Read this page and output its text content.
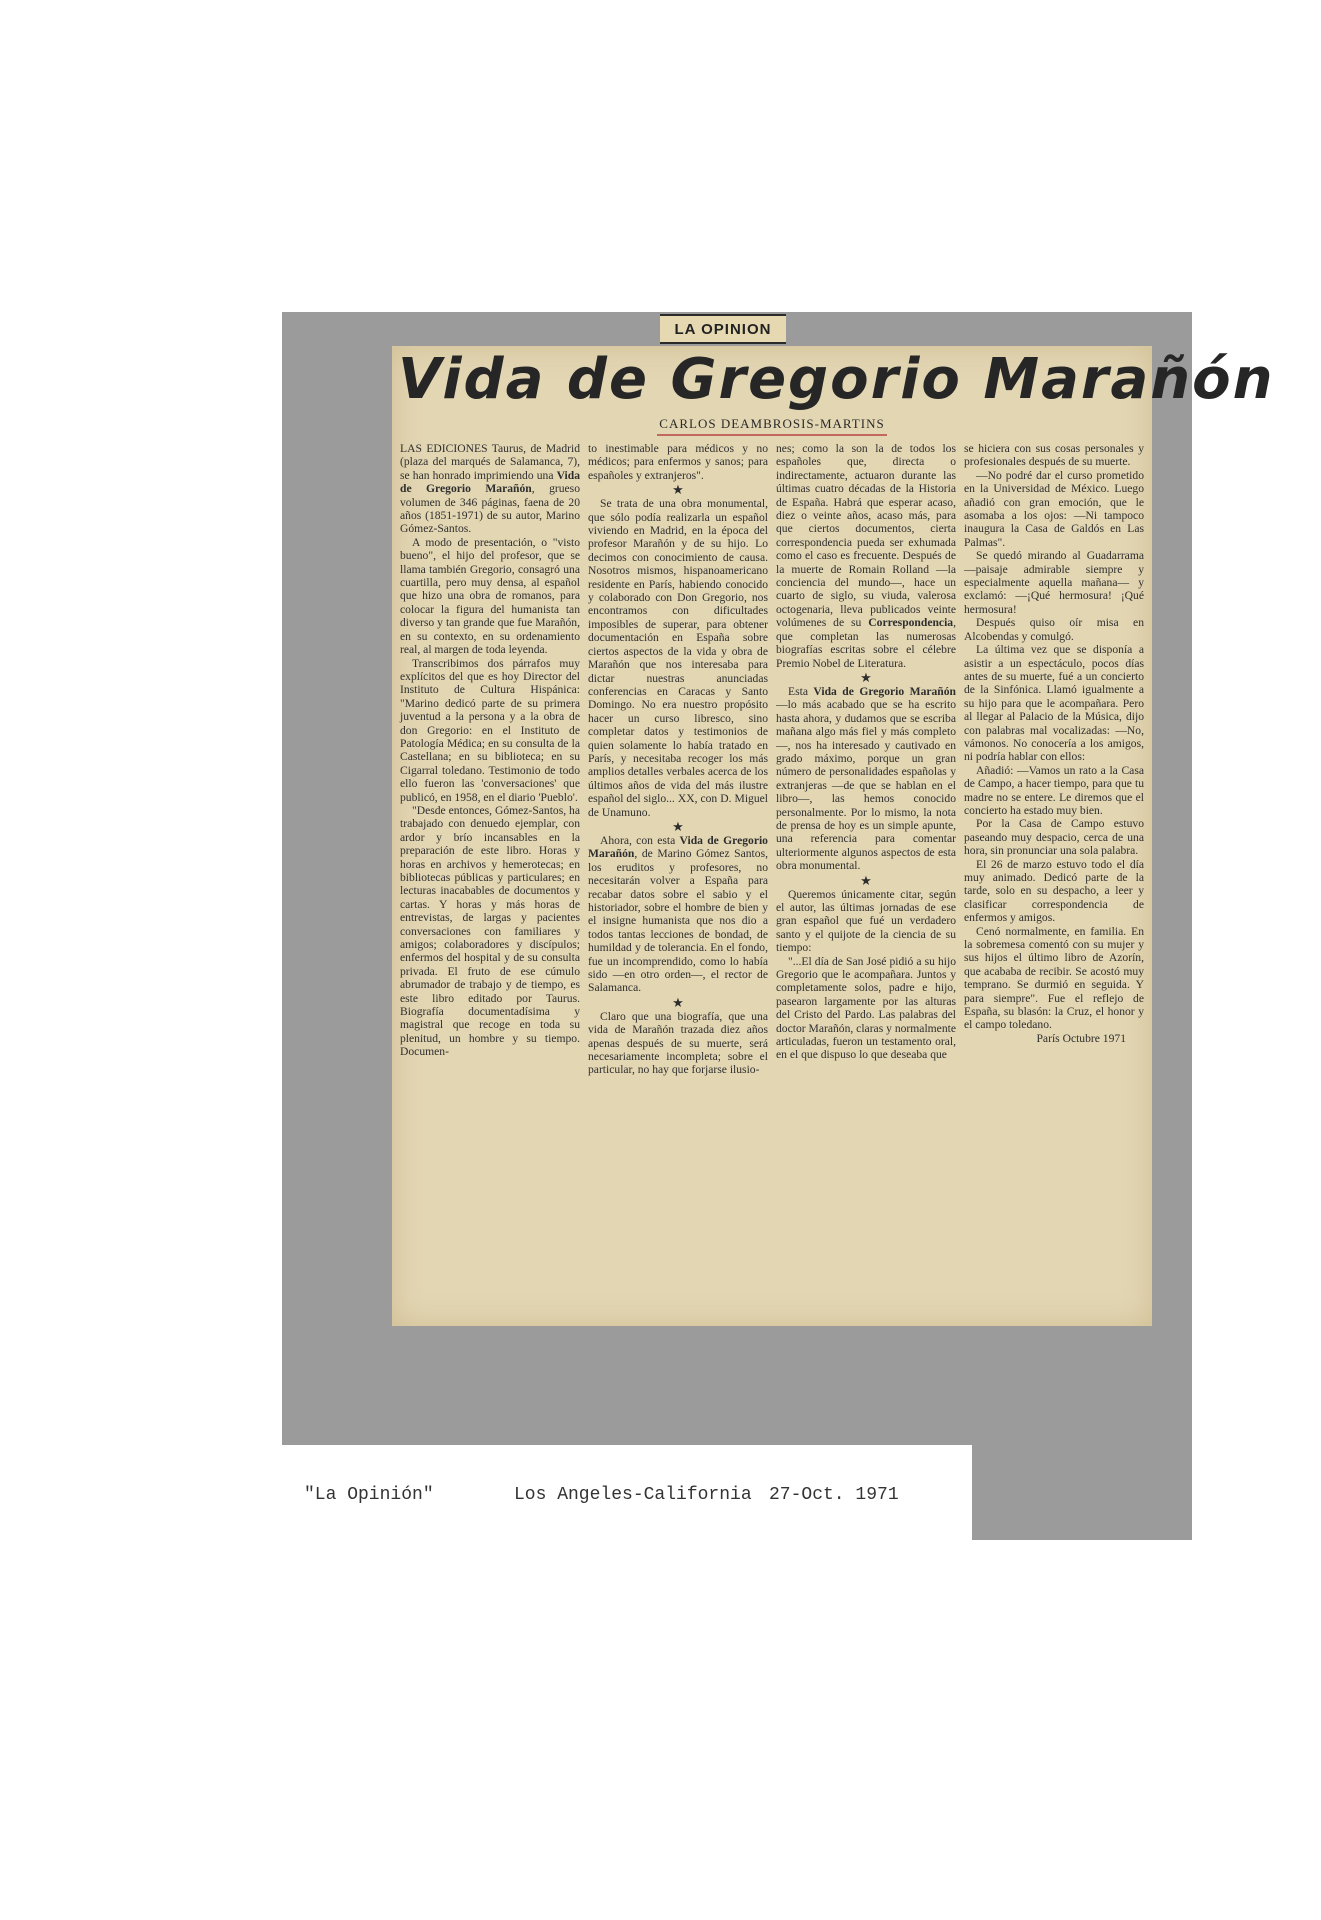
LA OPINION
Vida de Gregorio Marañón
CARLOS DEAMBROSIS-MARTINS

LAS EDICIONES Taurus, de Madrid (plaza del marqués de Salamanca, 7), se han honrado imprimiendo una Vida de Gregorio Marañón, grueso volumen de 346 páginas, faena de 20 años (1851-1971) de su autor, Marino Gómez-Santos.

A modo de presentación, o "visto bueno", el hijo del profesor, que se llama también Gregorio, consagró una cuartilla, pero muy densa, al español que hizo una obra de romanos, para colocar la figura del humanista tan diverso y tan grande que fue Marañón, en su contexto, en su ordenamiento real, al margen de toda leyenda.

Transcribimos dos párrafos muy explícitos del que es hoy Director del Instituto de Cultura Hispánica: "Marino dedicó parte de su primera juventud a la persona y a la obra de don Gregorio: en el Instituto de Patología Médica; en su consulta de la Castellana; en su biblioteca; en su Cigarral toledano. Testimonio de todo ello fueron las 'conversaciones' que publicó, en 1958, en el diario 'Pueblo'.

"Desde entonces, Gómez-Santos, ha trabajado con denuedo ejemplar, con ardor y brío incansables en la preparación de este libro. Horas y horas en archivos y hemerotecas; en bibliotecas públicas y particulares; en lecturas inacabables de documentos y cartas. Y horas y más horas de entrevistas, de largas y pacientes conversaciones con familiares y amigos; colaboradores y discípulos; enfermos del hospital y de su consulta privada. El fruto de ese cúmulo abrumador de trabajo y de tiempo, es este libro editado por Taurus. Biografía documentadísima y magistral que recoge en toda su plenitud, un hombre y su tiempo. Documen-

to inestimable para médicos y no médicos; para enfermos y sanos; para españoles y extranjeros".

★

Se trata de una obra monumental, que sólo podía realizarla un español viviendo en Madrid, en la época del profesor Marañón y de su hijo. Lo decimos con conocimiento de causa. Nosotros mismos, hispanoamericano residente en París, habiendo conocido y colaborado con Don Gregorio, nos encontramos con dificultades imposibles de superar, para obtener documentación en España sobre ciertos aspectos de la vida y obra de Marañón que nos interesaba para dictar nuestras anunciadas conferencias en Caracas y Santo Domingo. No era nuestro propósito hacer un curso libresco, sino completar datos y testimonios de quien solamente lo había tratado en París, y necesitaba recoger los más amplios detalles verbales acerca de los últimos años de vida del más ilustre español del siglo... XX, con D. Miguel de Unamuno.

★

Ahora, con esta Vida de Gregorio Marañón, de Marino Gómez Santos, los eruditos y profesores, no necesitarán volver a España para recabar datos sobre el sabio y el historiador, sobre el hombre de bien y el insigne humanista que nos dio a todos tantas lecciones de bondad, de humildad y de tolerancia. En el fondo, fue un incomprendido, como lo había sido —en otro orden—, el rector de Salamanca.

★

Claro que una biografía, que una vida de Marañón trazada diez años apenas después de su muerte, será necesariamente incompleta; sobre el particular, no hay que forjarse ilusio-

nes; como la son la de todos los españoles que, directa o indirectamente, actuaron durante las últimas cuatro décadas de la Historia de España. Habrá que esperar acaso, diez o veinte años, acaso más, para que ciertos documentos, cierta correspondencia pueda ser exhumada como el caso es frecuente. Después de la muerte de Romain Rolland —la conciencia del mundo—, hace un cuarto de siglo, su viuda, valerosa octogenaria, lleva publicados veinte volúmenes de su Correspondencia, que completan las numerosas biografías escritas sobre el célebre Premio Nobel de Literatura.

★

Esta Vida de Gregorio Marañón —lo más acabado que se ha escrito hasta ahora, y dudamos que se escriba mañana algo más fiel y más completo—, nos ha interesado y cautivado en grado máximo, porque un gran número de personalidades españolas y extranjeras —de que se hablan en el libro—, las hemos conocido personalmente. Por lo mismo, la nota de prensa de hoy es un simple apunte, una referencia para comentar ulteriormente algunos aspectos de esta obra monumental.

★

Queremos únicamente citar, según el autor, las últimas jornadas de ese gran español que fué un verdadero santo y el quijote de la ciencia de su tiempo:

"...El día de San José pidió a su hijo Gregorio que le acompañara. Juntos y completamente solos, padre e hijo, pasearon largamente por las alturas del Cristo del Pardo. Las palabras del doctor Marañón, claras y normalmente articuladas, fueron un testamento oral, en el que dispuso lo que deseaba que

se hiciera con sus cosas personales y profesionales después de su muerte.

—No podré dar el curso prometido en la Universidad de México. Luego añadió con gran emoción, que le asomaba a los ojos: —Ni tampoco inaugura la Casa de Galdós en Las Palmas".

Se quedó mirando al Guadarrama —paisaje admirable siempre y especialmente aquella mañana— y exclamó: —¡Qué hermosura! ¡Qué hermosura!

Después quiso oír misa en Alcobendas y comulgó.

La última vez que se disponía a asistir a un espectáculo, pocos días antes de su muerte, fué a un concierto de la Sinfónica. Llamó igualmente a su hijo para que le acompañara. Pero al llegar al Palacio de la Música, dijo con palabras mal vocalizadas: —No, vámonos. No conocería a los amigos, ni podría hablar con ellos:

Añadió: —Vamos un rato a la Casa de Campo, a hacer tiempo, para que tu madre no se entere. Le diremos que el concierto ha estado muy bien.

Por la Casa de Campo estuvo paseando muy despacio, cerca de una hora, sin pronunciar una sola palabra.

El 26 de marzo estuvo todo el día muy animado. Dedicó parte de la tarde, solo en su despacho, a leer y clasificar correspondencia de enfermos y amigos.

Cenó normalmente, en familia. En la sobremesa comentó con su mujer y sus hijos el último libro de Azorín, que acababa de recibir. Se acostó muy temprano. Se durmió en seguida. Y para siempre". Fue el reflejo de España, su blasón: la Cruz, el honor y el campo toledano.

París Octubre 1971

"La Opinión"	Los Angeles-California 27-Oct. 1971
